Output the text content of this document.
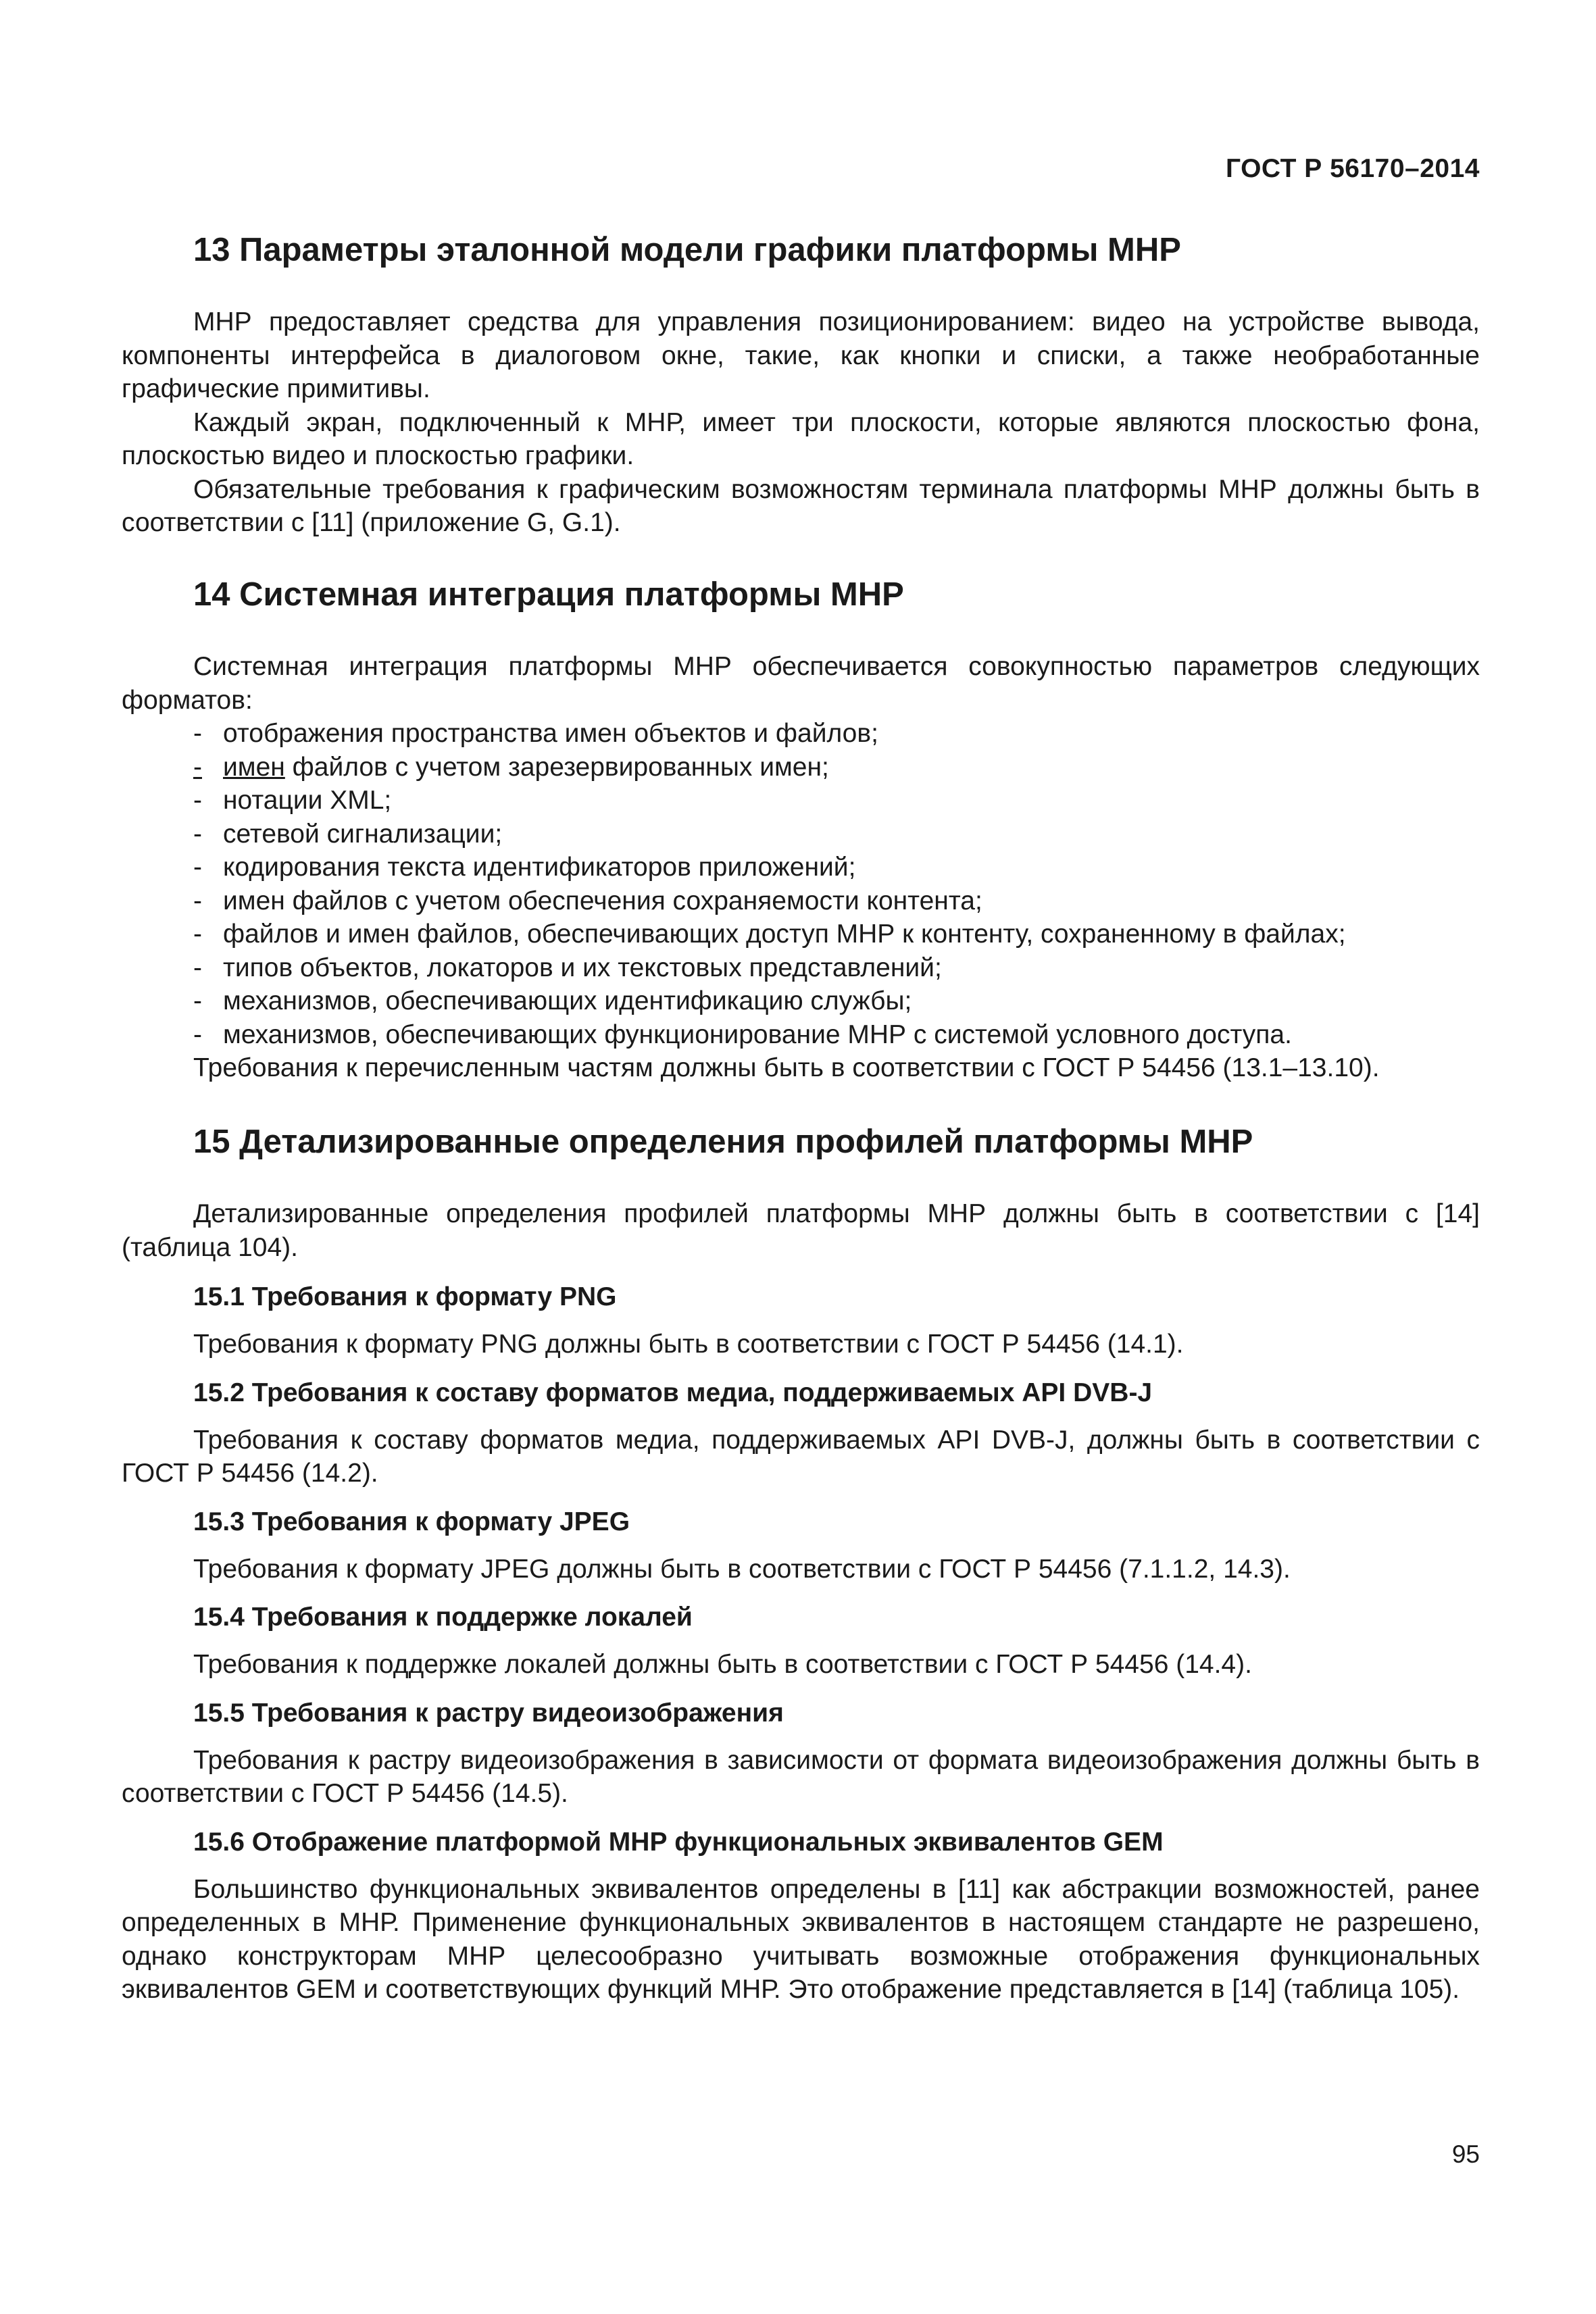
ГОСТ Р 56170–2014
13 Параметры эталонной модели графики платформы МНР

МНР предоставляет средства для управления позиционированием: видео на устройстве вывода, компоненты интерфейса в диалоговом окне, такие, как кнопки и списки, а также необработанные графические примитивы.

Каждый экран, подключенный к МНР, имеет три плоскости, которые являются плоскостью фона, плоскостью видео и плоскостью графики.

Обязательные требования к графическим возможностям терминала платформы МНР должны быть в соответствии с [11] (приложение G, G.1).

14 Системная интеграция платформы МНР

Системная интеграция платформы МНР обеспечивается совокупностью параметров следующих форматов:

- отображения пространства имен объектов и файлов;
- имен файлов с учетом зарезервированных имен;
- нотации XML;
- сетевой сигнализации;
- кодирования текста идентификаторов приложений;
- имен файлов с учетом обеспечения сохраняемости контента;
- файлов и имен файлов, обеспечивающих доступ МНР к контенту, сохраненному в файлах;
- типов объектов, локаторов и их текстовых представлений;
- механизмов, обеспечивающих идентификацию службы;
- механизмов, обеспечивающих функционирование МНР с системой условного доступа.

Требования к перечисленным частям должны быть в соответствии с ГОСТ Р 54456 (13.1–13.10).

15 Детализированные определения профилей платформы МНР

Детализированные определения профилей платформы МНР должны быть в соответствии с [14] (таблица 104).

15.1 Требования к формату PNG

Требования к формату PNG должны быть в соответствии с ГОСТ Р 54456 (14.1).

15.2 Требования к составу форматов медиа, поддерживаемых API DVB-J

Требования к составу форматов медиа, поддерживаемых API DVB-J, должны быть в соответствии с ГОСТ Р 54456 (14.2).

15.3 Требования к формату JPEG

Требования к формату JPEG должны быть в соответствии с ГОСТ Р 54456 (7.1.1.2, 14.3).

15.4 Требования к поддержке локалей

Требования к поддержке локалей должны быть в соответствии с ГОСТ Р 54456 (14.4).

15.5 Требования к растру видеоизображения

Требования к растру видеоизображения в зависимости от формата видеоизображения должны быть в соответствии с ГОСТ Р 54456 (14.5).

15.6 Отображение платформой МНР функциональных эквивалентов GEM

Большинство функциональных эквивалентов определены в [11] как абстракции возможностей, ранее определенных в МНР. Применение функциональных эквивалентов в настоящем стандарте не разрешено, однако конструкторам МНР целесообразно учитывать возможные отображения функциональных эквивалентов GEM и соответствующих функций МНР. Это отображение представляется в [14] (таблица 105).

95
